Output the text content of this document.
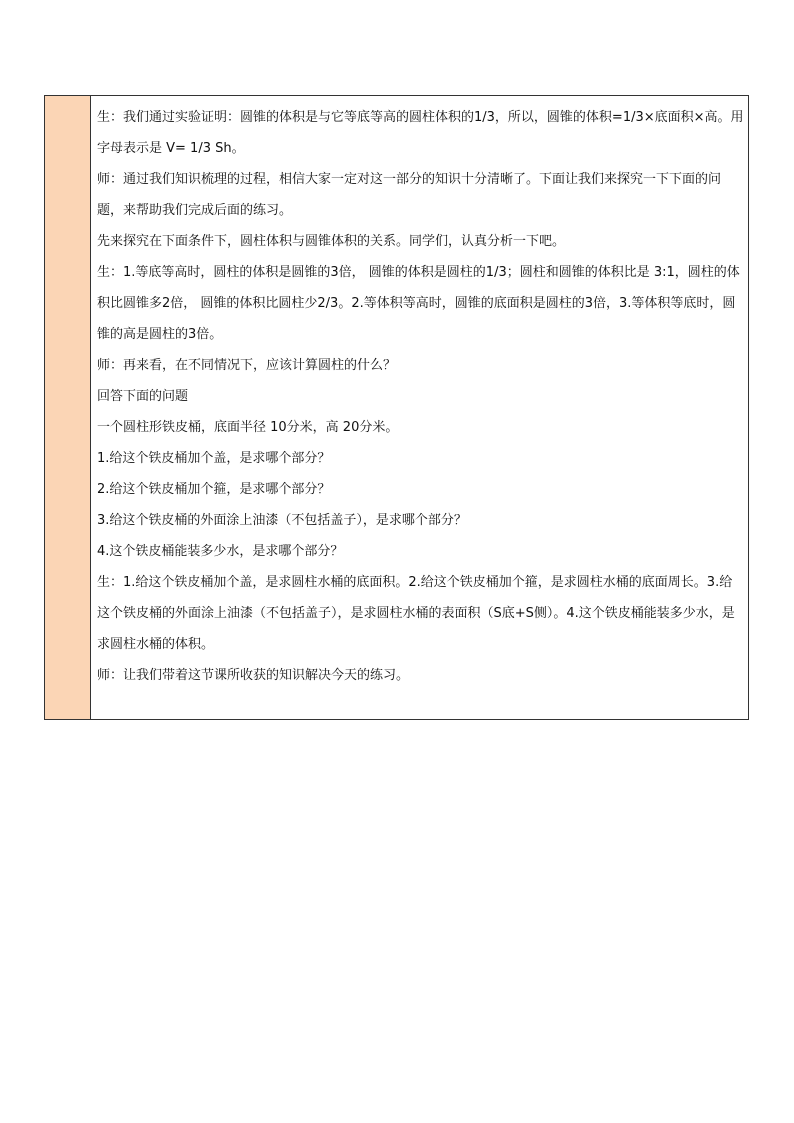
生：我们通过实验证明：圆锥的体积是与它等底等高的圆柱体积的1/3，所以，圆锥的体积=1/3×底面积×高。用字母表示是 V= 1/3 Sh。

师：通过我们知识梳理的过程，相信大家一定对这一部分的知识十分清晰了。下面让我们来探究一下下面的问题，来帮助我们完成后面的练习。

先来探究在下面条件下，圆柱体积与圆锥体积的关系。同学们，认真分析一下吧。

生：1.等底等高时，圆柱的体积是圆锥的3倍， 圆锥的体积是圆柱的1/3；圆柱和圆锥的体积比是 3:1，圆柱的体积比圆锥多2倍， 圆锥的体积比圆柱少2/3。2.等体积等高时，圆锥的底面积是圆柱的3倍，3.等体积等底时，圆锥的高是圆柱的3倍。

师：再来看，在不同情况下，应该计算圆柱的什么？

回答下面的问题

一个圆柱形铁皮桶，底面半径 10分米，高 20分米。

1.给这个铁皮桶加个盖，是求哪个部分？

2.给这个铁皮桶加个箍，是求哪个部分？

3.给这个铁皮桶的外面涂上油漆（不包括盖子），是求哪个部分？

4.这个铁皮桶能装多少水，是求哪个部分？

生：1.给这个铁皮桶加个盖，是求圆柱水桶的底面积。2.给这个铁皮桶加个箍，是求圆柱水桶的底面周长。3.给这个铁皮桶的外面涂上油漆（不包括盖子），是求圆柱水桶的表面积（S底+S侧）。4.这个铁皮桶能装多少水，是求圆柱水桶的体积。

师：让我们带着这节课所收获的知识解决今天的练习。
